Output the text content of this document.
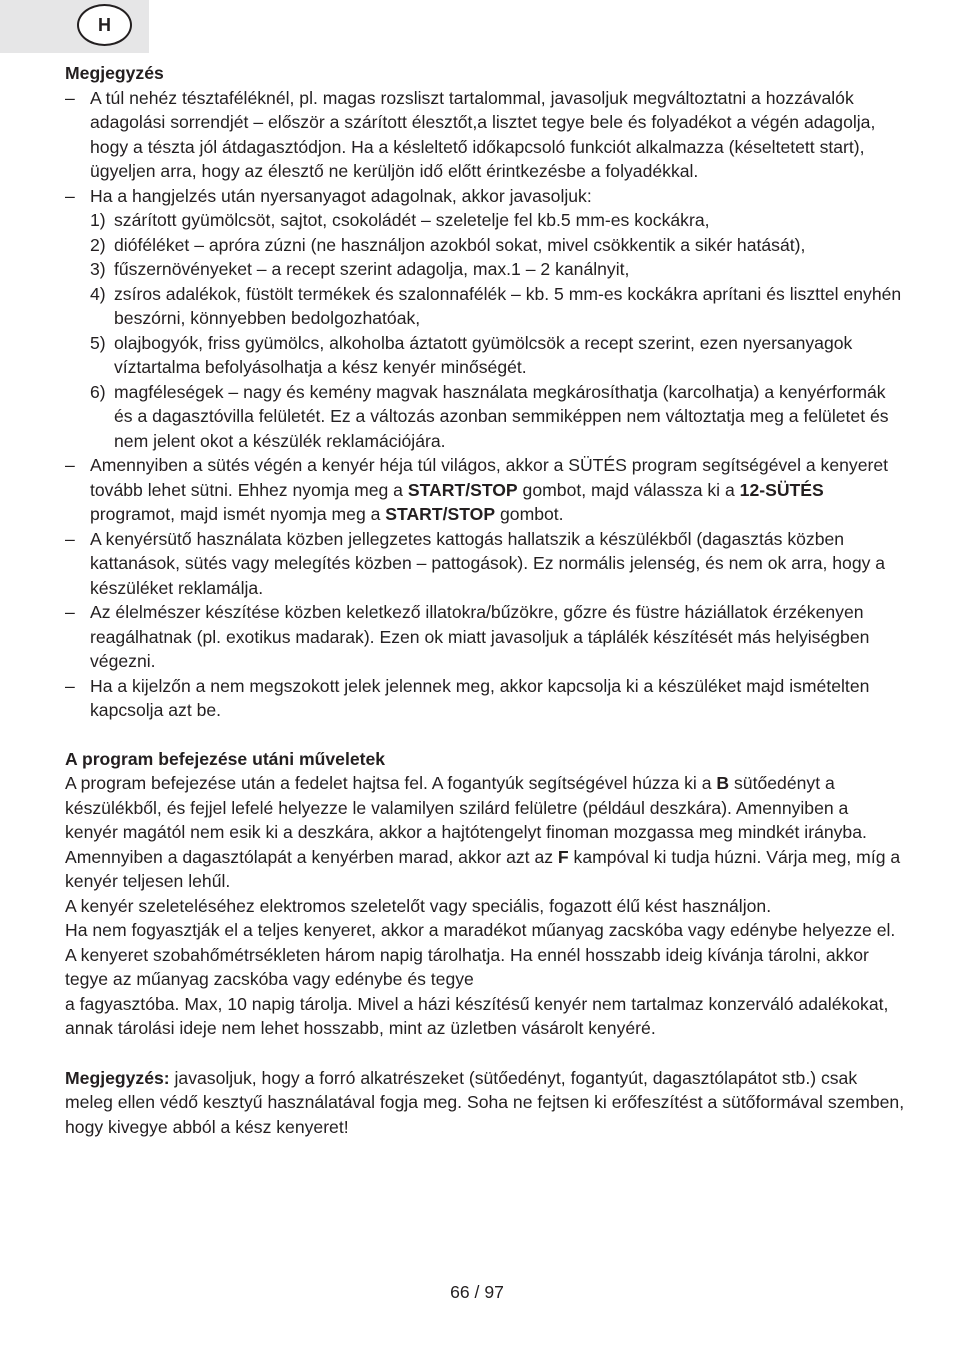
H
Megjegyzés
– A túl nehéz tésztaféléknél, pl. magas rozsliszt tartalommal, javasoljuk megváltoztatni a hozzávalók adagolási sorrendjét – először a szárított élesztőt,a lisztet tegye bele és folyadékot a végén adagolja, hogy a tészta jól átdagasztódjon. Ha a késleltető időkapcsoló funkciót alkalmazza (késeltetett start), ügyeljen arra, hogy az élesztő ne kerüljön idő előtt érintkezésbe a folyadékkal.
– Ha a hangjelzés után nyersanyagot adagolnak, akkor javasoljuk:
1) szárított gyümölcsöt, sajtot, csokoládét – szeletelje fel kb.5 mm-es kockákra,
2) dióféléket – apróra zúzni (ne használjon azokból sokat, mivel csökkentik a sikér hatását),
3) fűszernövényeket – a recept szerint adagolja, max.1 – 2 kanálnyit,
4) zsíros adalékok, füstölt termékek és szalonnafélék – kb. 5 mm-es kockákra aprítani és liszttel enyhén beszórni, könnyebben bedolgozhatóak,
5) olajbogyók, friss gyümölcs, alkoholba áztatott gyümölcsök a recept szerint, ezen nyersanyagok víztartalma befolyásolhatja a kész kenyér minőségét.
6) magféleségek – nagy és kemény magvak használata megkárosíthatja (karcolhatja) a kenyérformák és a dagasztóvilla felületét. Ez a változás azonban semmiképpen nem változtatja meg a felületet és nem jelent okot a készülék reklamációjára.
– Amennyiben a sütés végén a kenyér héja túl világos, akkor a SÜTÉS program segítségével a kenyeret tovább lehet sütni. Ehhez nyomja meg a START/STOP gombot, majd válassza ki a 12-SÜTÉS programot, majd ismét nyomja meg a START/STOP gombot.
– A kenyérsütő használata közben jellegzetes kattogás hallatszik a készülékből (dagasztás közben kattanások, sütés vagy melegítés közben – pattogások). Ez normális jelenség, és nem ok arra, hogy a készüléket reklamálja.
– Az élelmészer készítése közben keletkező illatokra/bűzökre, gőzre és füstre háziállatok érzékenyen reagálhatnak (pl. exotikus madarak). Ezen ok miatt javasoljuk a táplálék készítését más helyiségben végezni.
– Ha a kijelzőn a nem megszokott jelek jelennek meg, akkor kapcsolja ki a készüléket majd ismételten kapcsolja azt be.
A program befejezése utáni műveletek
A program befejezése után a fedelet hajtsa fel. A fogantyúk segítségével húzza ki a B sütőedényt a készülékből, és fejjel lefelé helyezze le valamilyen szilárd felületre (például deszkára). Amennyiben a kenyér magától nem esik ki a deszkára, akkor a hajtótengelyt finoman mozgassa meg mindkét irányba. Amennyiben a dagasztólapát a kenyérben marad, akkor azt az F kampóval ki tudja húzni. Várja meg, míg a kenyér teljesen lehűl.
A kenyér szeleteléséhez elektromos szeletelőt vagy speciális, fogazott élű kést használjon.
Ha nem fogyasztják el a teljes kenyeret, akkor a maradékot műanyag zacskóba vagy edénybe helyezze el. A kenyeret szobahőmétrsékleten három napig tárolhatja. Ha ennél hosszabb ideig kívánja tárolni, akkor tegye az műanyag zacskóba vagy edénybe és tegye
a fagyasztóba. Max, 10 napig tárolja. Mivel a házi készítésű kenyér nem tartalmaz konzerváló adalékokat, annak tárolási ideje nem lehet hosszabb, mint az üzletben vásárolt kenyéré.
Megjegyzés: javasoljuk, hogy a forró alkatrészeket (sütőedényt, fogantyút, dagasztólapátot stb.) csak meleg ellen védő kesztyű használatával fogja meg. Soha ne fejtsen ki erőfeszítést a sütőformával szemben, hogy kivegye abból a kész kenyeret!
66 / 97
